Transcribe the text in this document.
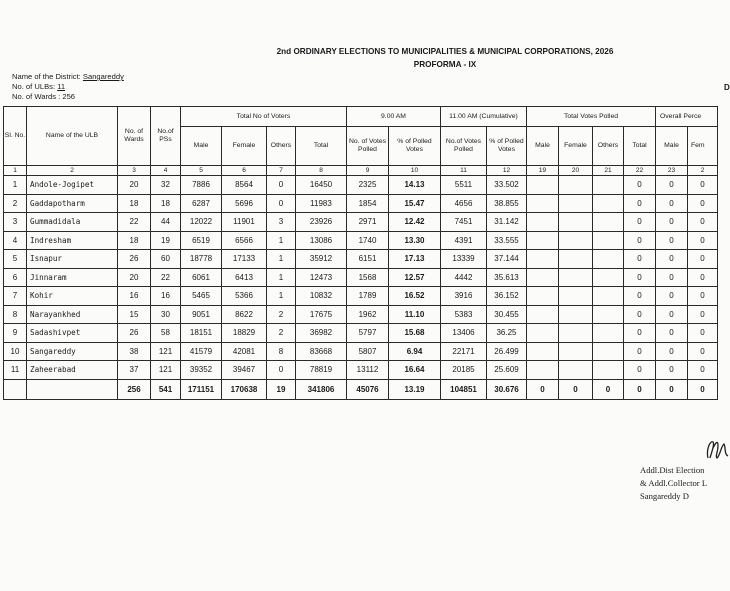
2nd ORDINARY ELECTIONS TO MUNICIPALITIES & MUNICIPAL CORPORATIONS, 2026
PROFORMA - IX
Name of the District: Sangareddy
No. of ULBs: 11
No. of Wards : 256
D
Sl. No.	Name of the ULB	No. of Wards	No.of PSs	Total No of Voters				9.00 AM		11.00 AM (Cumulative)		Total Votes Polled				Overall Perce	
				Male	Female	Others	Total	No. of Votes Polled	% of Polled Votes	No.of Votes Polled	% of Polled Votes	Male	Female	Others	Total	Male	Fem
1	2	3	4	5	6	7	8	9	10	11	12	19	20	21	22	23	2
1	Andole-Jogipet	20	32	7886	8564	0	16450	2325	14.13	5511	33.502				0	0	0
2	Gaddapotharm	18	18	6287	5696	0	11983	1854	15.47	4656	38.855				0	0	0
3	Gummadidala	22	44	12022	11901	3	23926	2971	12.42	7451	31.142				0	0	0
4	Indresham	18	19	6519	6566	1	13086	1740	13.30	4391	33.555				0	0	0
5	Isnapur	26	60	18778	17133	1	35912	6151	17.13	13339	37.144				0	0	0
6	Jinnaram	20	22	6061	6413	1	12473	1568	12.57	4442	35.613				0	0	0
7	Kohir	16	16	5465	5366	1	10832	1789	16.52	3916	36.152				0	0	0
8	Narayankhed	15	30	9051	8622	2	17675	1962	11.10	5383	30.455				0	0	0
9	Sadashivpet	26	58	18151	18829	2	36982	5797	15.68	13406	36.25				0	0	0
10	Sangareddy	38	121	41579	42081	8	83668	5807	6.94	22171	26.499				0	0	0
11	Zaheerabad	37	121	39352	39467	0	78819	13112	16.64	20185	25.609				0	0	0
		256	541	171151	170638	19	341806	45076	13.19	104851	30.676	0	0	0	0	0	0
Addl.Dist Election
& Addl.Collector L
Sangareddy D
